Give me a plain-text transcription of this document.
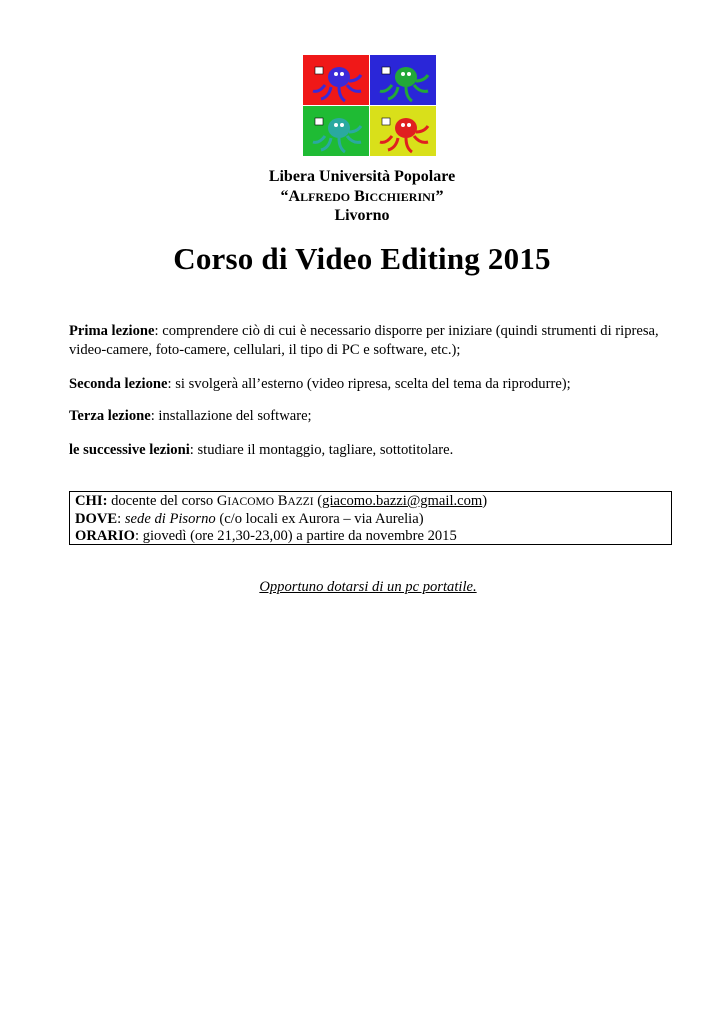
Libera Università Popolare
“ALFREDO BICCHIERINI”
Livorno
Corso di Video Editing 2015
Prima lezione: comprendere ciò di cui è necessario disporre per iniziare (quindi strumenti di ripresa, video-camere, foto-camere, cellulari, il tipo di PC e software, etc.);
Seconda lezione: si svolgerà all’esterno (video ripresa, scelta del tema da riprodurre);
Terza lezione: installazione del software;
le successive lezioni: studiare il montaggio, tagliare, sottotitolare.
CHI: docente del corso GIACOMO BAZZI (giacomo.bazzi@gmail.com)
DOVE: sede di Pisorno (c/o locali ex Aurora – via Aurelia)
ORARIO: giovedì (ore 21,30-23,00) a partire da novembre 2015
Opportuno dotarsi di un pc portatile.
